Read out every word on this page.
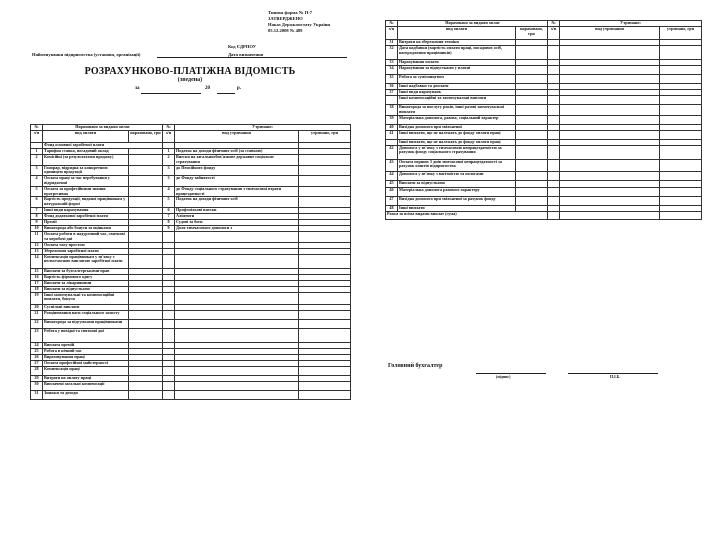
Типова форма № П-7
ЗАТВЕРДЖЕНО
Наказ Держкомстату України
05.12.2008 № 489
Найменування підприємства (установи, організації)
Код ЄДРПОУ
Дата визначення
РОЗРАХУНКОВО-ПЛАТІЖНА ВІДОМІСТЬ
(зведена)
за	20	р.
№	Нараховано за видами оплат		№	Утримано:	
з/п	вид оплати	нараховано, грн	з/п	вид утримання	утримано, грн
	Фонд основної заробітної плати				
1	Тарифна ставка, посадовий оклад		1	Податок на доходи фізичних осіб (за ставкою)	
2	Комісійні (за результатами продажу)		2	Внески на загальнообов'язкове державне соціальне страхування	
3	Гонорар, відрядна за конкретною одиницею продукції		3	до Пенсійного фонду	
4	Оплата праці за час перебування у відрядженні		3	до Фонду зайнятості	
5	Оплата за професійними знання прогресивна		4	до Фонду соціального страхування з тимчасової втрати працездатності	
6	Вартість продукції, виданої працівникам у натуральній формі		5	Податок на доходи фізичних осіб	
7	Інші види нарахування		6	Профспілкові внески	
8	Фонд додаткової заробітної плати		7	Аліменти	
9	Премії		8	Судові за боги	
10	Винагорода або бонуси за оцінками		9	Доля тимчасового допомоги з	
11	Оплата роботи в надурочний час, святкові та неробочі дні				
12	Оплата часу простою				
13	Збереження заробітної плати				
14	Компенсація працівникам у зв'язку з несвоєчасною виплатою заробітної плати				
15	Виплати за бухгалтерськими прав				
16	Вартість фірмового одягу				
17	Виплати за лікарняними				
18	Виплати за відпустками				
19	Інші заохочувальні та компенсаційні виплати, бонуси				
20	Суспільні виплати				
21	Розцінювання ваги соціального захисту				
22	Винагорода за підсумками працівниками				
23	Робота у вихідні та святкові дні				
24	Виплата премій				
25	Робота в нічний час				
26	Вираховування праці				
27	Оплата професійної майстерності				
28	Компенсація праці				
29	Витрати на оплату праці				
30	Виплачені загальні компенсації				
31	Знижки та доходи				
№	Нараховано за видами оплат		№	Утримано:	
з/п	вид оплати	нараховано, грн	з/п	вид утримання	утримано, грн
31	Витрати на збереження техніки				
32	Дата надбавки (вартість оплати праці, посадових осіб, нагородження працівників)				
33	Нарахування оплати				
34	Нарахування за відпустками у платні				
35	Робота за сумісництвом				
36	Інші надбавки та доплати				
37	Інші види нарахувань				
	Інші компенсаційні та заохочувальні виплати				
38	Винагорода за вислугу років, інші разові заохочувальні виплати				
39	Матеріальна допомога, разова, соціальний характер				
40	Вихідна допомога при звільненні				
41	Інші виплати, що не належать до фонду оплати праці				
	Інші виплати, що не належать до фонду оплати праці				
42	Допомога у зв'язку з тимчасовою непрацездатністю за рахунок фонду соціального страхування				
43	Оплата перших 5 днів тимчасової непрацездатності за рахунок коштів підприємства				
44	Допомога у зв'язку з вагітністю та пологами				
45	Виплати за відпустками				
46	Матеріальна допомога разового характеру				
47	Вихідна допомога при звільненні за рахунок фонду				
48	Інші виплати				
Разом за всіма видами виплат (сума)					
Головний бухгалтер
(підпис)	П.І.Б.
